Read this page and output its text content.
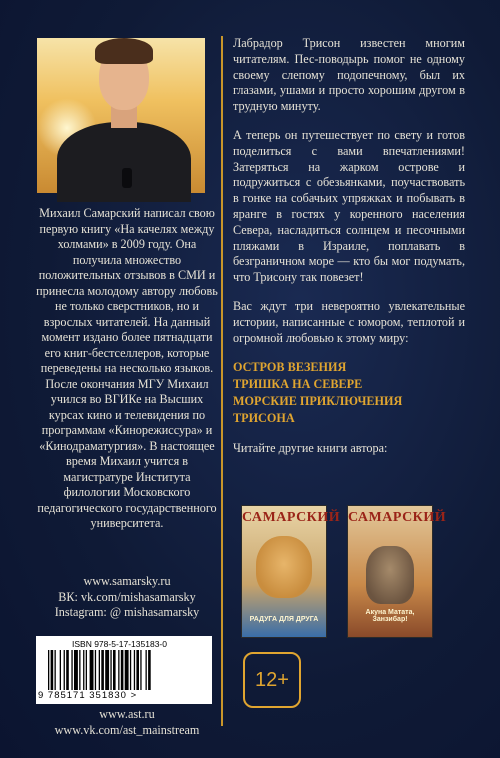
Михаил Самарский написал свою первую книгу «На качелях между холмами» в 2009 году. Она получила множество положительных отзывов в СМИ и принесла молодому автору любовь не только сверстников, но и взрослых читателей. На данный момент издано более пятнадцати его книг-бестселлеров, которые переведены на несколько языков. После окончания МГУ Михаил учился во ВГИКе на Высших курсах кино и телевидения по программам «Кинорежиссура» и «Кинодраматургия». В настоящее время Михаил учится в магистратуре Института филологии Московского педагогического государственного университета.
www.samarsky.ru
ВК: vk.com/mishasamarsky
Instagram: @ mishasamarsky
ISBN 978-5-17-135183-0
9 785171 351830 >
www.ast.ru
www.vk.com/ast_mainstream

Лабрадор Трисон известен многим читателям. Пес-поводырь помог не одному своему слепому подопечному, был их глазами, ушами и просто хорошим другом в трудную минуту.

А теперь он путешествует по свету и готов поделиться с вами впечатлениями! Затеряться на жарком острове и подружиться с обезьянками, поучаствовать в гонке на собачьих упряжках и побывать в яранге в гостях у коренного населения Севера, насладиться солнцем и песочными пляжами в Израиле, поплавать в безграничном море — кто бы мог подумать, что Трисону так повезет!

Вас ждут три невероятно увлекательные истории, написанные с юмором, теплотой и огромной любовью к этому миру:

ОСТРОВ ВЕЗЕНИЯ
ТРИШКА НА СЕВЕРЕ
МОРСКИЕ ПРИКЛЮЧЕНИЯ ТРИСОНА
Читайте другие книги автора:
САМАРСКИЙ
РАДУГА ДЛЯ ДРУГА
САМАРСКИЙ
Акуна Матата, Занзибар!
12+
